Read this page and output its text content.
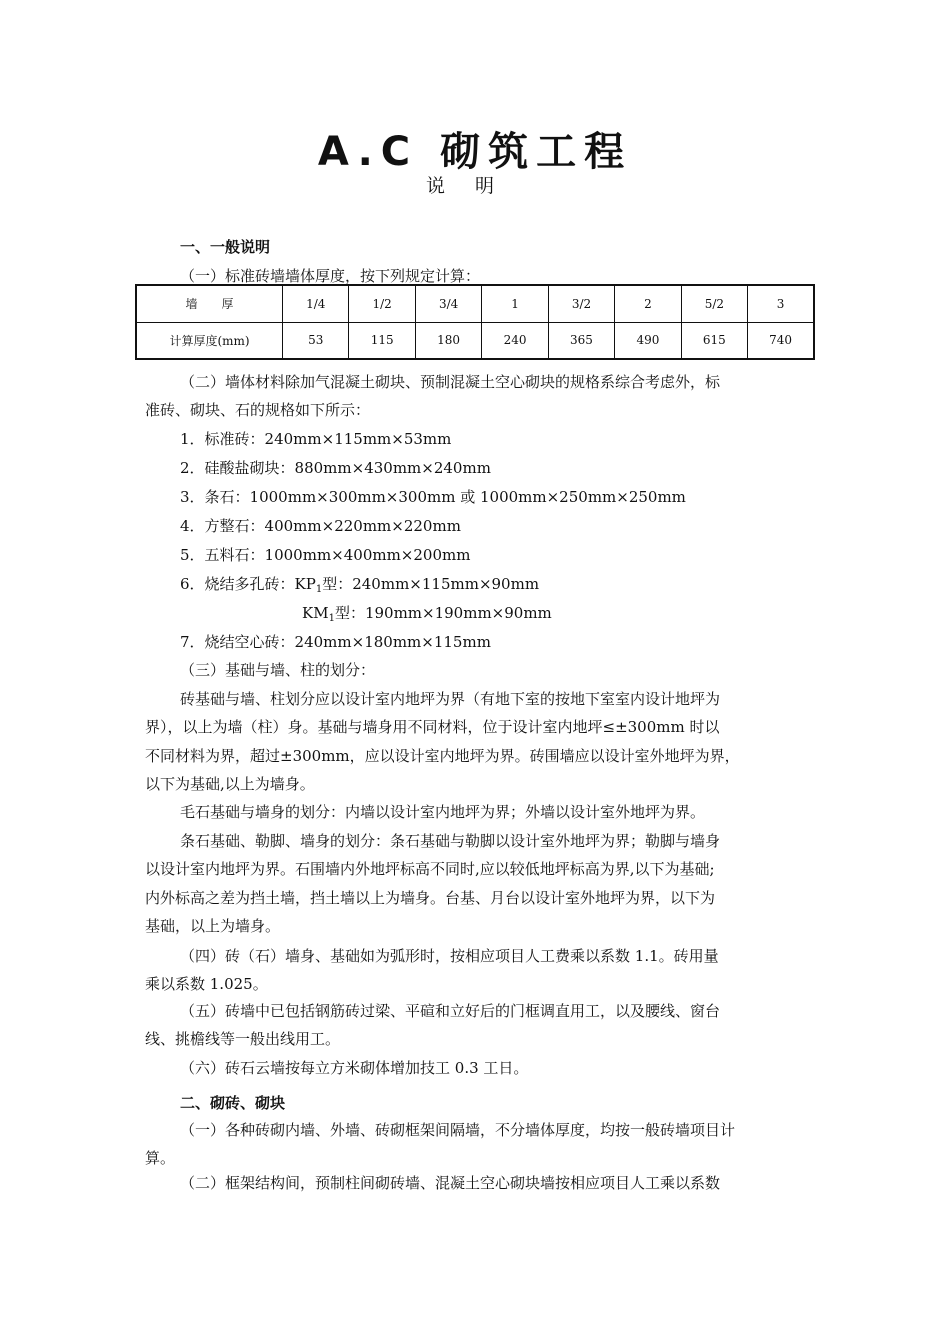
A.C 砌筑工程
说明
一、一般说明
（一）标准砖墙墙体厚度，按下列规定计算：
墙　　厚	1/4	1/2	3/4	1	3/2	2	5/2	3
计算厚度(mm)	53	115	180	240	365	490	615	740
（二）墙体材料除加气混凝土砌块、预制混凝土空心砌块的规格系综合考虑外，标
准砖、砌块、石的规格如下所示：
1．标准砖：240mm×115mm×53mm
2．硅酸盐砌块：880mm×430mm×240mm
3．条石：1000mm×300mm×300mm 或 1000mm×250mm×250mm
4．方整石：400mm×220mm×220mm
5．五料石：1000mm×400mm×200mm
6．烧结多孔砖：$KP_1$型：240mm×115mm×90mm
$KM_1$型：190mm×190mm×90mm
7．烧结空心砖：240mm×180mm×115mm
（三）基础与墙、柱的划分：
砖基础与墙、柱划分应以设计室内地坪为界（有地下室的按地下室室内设计地坪为
界），以上为墙（柱）身。基础与墙身用不同材料，位于设计室内地坪≤±300mm 时以
不同材料为界，超过±300mm，应以设计室内地坪为界。砖围墙应以设计室外地坪为界，
以下为基础,以上为墙身。
毛石基础与墙身的划分：内墙以设计室内地坪为界；外墙以设计室外地坪为界。
条石基础、勒脚、墙身的划分：条石基础与勒脚以设计室外地坪为界；勒脚与墙身
以设计室内地坪为界。石围墙内外地坪标高不同时,应以较低地坪标高为界,以下为基础;
内外标高之差为挡土墙，挡土墙以上为墙身。台基、月台以设计室外地坪为界，以下为
基础，以上为墙身。
（四）砖（石）墙身、基础如为弧形时，按相应项目人工费乘以系数 1.1。砖用量
乘以系数 1.025。
（五）砖墙中已包括钢筋砖过梁、平碹和立好后的门框调直用工，以及腰线、窗台
线、挑檐线等一般出线用工。
（六）砖石云墙按每立方米砌体增加技工 0.3 工日。
二、砌砖、砌块
（一）各种砖砌内墙、外墙、砖砌框架间隔墙，不分墙体厚度，均按一般砖墙项目计
算。
（二）框架结构间，预制柱间砌砖墙、混凝土空心砌块墙按相应项目人工乘以系数
